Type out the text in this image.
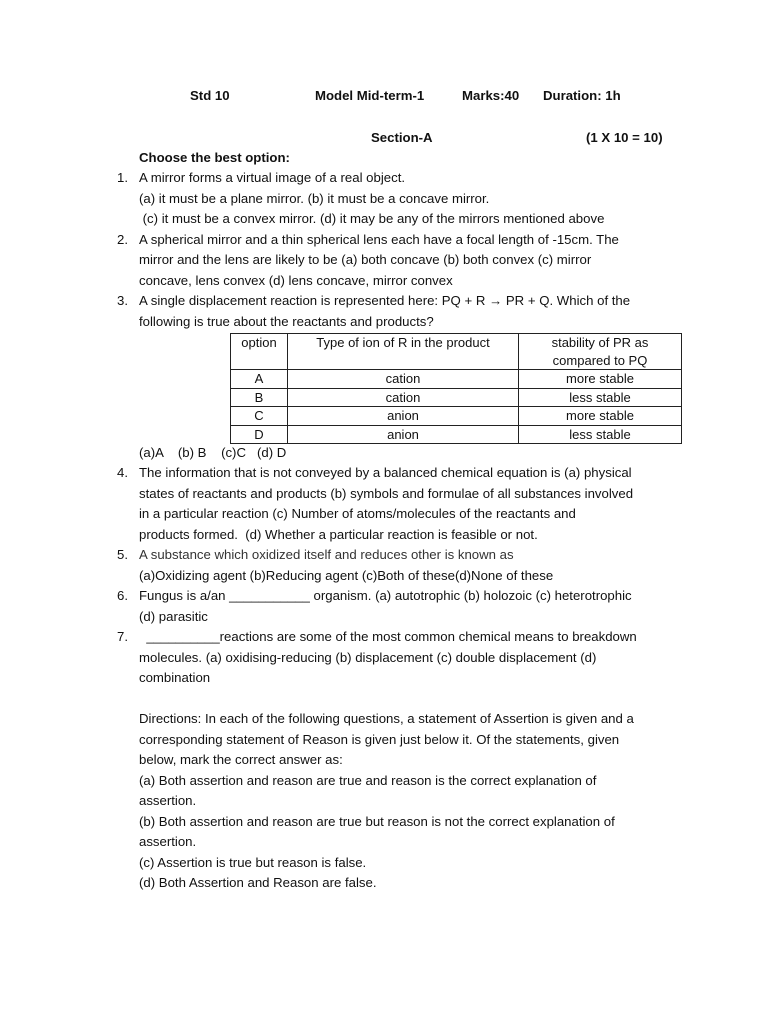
Std 10	Model Mid-term-1	Marks:40 Duration: 1h
Section-A	(1 X 10 = 10)
Choose the best option:
1. A mirror forms a virtual image of a real object.
(a) it must be a plane mirror. (b) it must be a concave mirror.
(c) it must be a convex mirror. (d) it may be any of the mirrors mentioned above
2. A spherical mirror and a thin spherical lens each have a focal length of -15cm. The
mirror and the lens are likely to be (a) both concave (b) both convex (c) mirror
concave, lens convex (d) lens concave, mirror convex
3. A single displacement reaction is represented here: PQ + R → PR + Q. Which of the
following is true about the reactants and products?
option	Type of ion of R in the product	stability of PR as compared to PQ
A	cation	more stable
B	cation	less stable
C	anion	more stable
D	anion	less stable
(a)A    (b) B    (c)C   (d) D
4. The information that is not conveyed by a balanced chemical equation is (a) physical
states of reactants and products (b) symbols and formulae of all substances involved
in a particular reaction (c) Number of atoms/molecules of the reactants and
products formed.  (d) Whether a particular reaction is feasible or not.
5. A substance which oxidized itself and reduces other is known as
(a)Oxidizing agent (b)Reducing agent (c)Both of these(d)None of these
6. Fungus is a/an ___________ organism. (a) autotrophic (b) holozoic (c) heterotrophic
(d) parasitic
7. __________reactions are some of the most common chemical means to breakdown
molecules. (a) oxidising-reducing (b) displacement (c) double displacement (d)
combination
Directions: In each of the following questions, a statement of Assertion is given and a
corresponding statement of Reason is given just below it. Of the statements, given
below, mark the correct answer as:
(a) Both assertion and reason are true and reason is the correct explanation of
assertion.
(b) Both assertion and reason are true but reason is not the correct explanation of
assertion.
(c) Assertion is true but reason is false.
(d) Both Assertion and Reason are false.
